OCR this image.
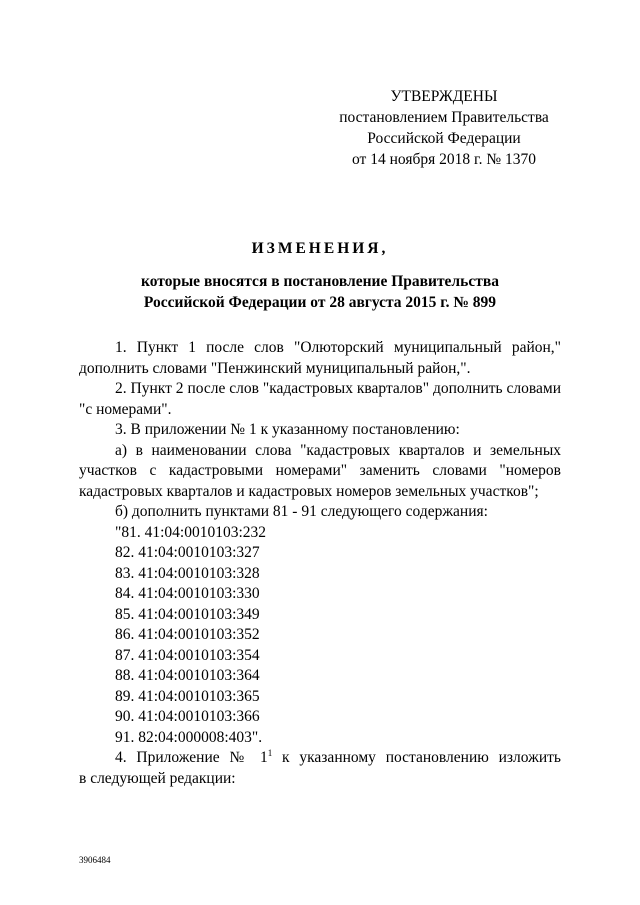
УТВЕРЖДЕНЫ
постановлением Правительства
Российской Федерации
от 14 ноября 2018 г. № 1370
ИЗМЕНЕНИЯ,
которые вносятся в постановление Правительства
Российской Федерации от 28 августа 2015 г. № 899

1. Пункт 1 после слов "Олюторский муниципальный район," дополнить словами "Пенжинский муниципальный район,".

2. Пункт 2 после слов "кадастровых кварталов" дополнить словами "с номерами".

3. В приложении № 1 к указанному постановлению:

а) в наименовании слова "кадастровых кварталов и земельных участков с кадастровыми номерами" заменить словами "номеров кадастровых кварталов и кадастровых номеров земельных участков";

б) дополнить пунктами 81 - 91 следующего содержания:

"81. 41:04:0010103:232

82. 41:04:0010103:327

83. 41:04:0010103:328

84. 41:04:0010103:330

85. 41:04:0010103:349

86. 41:04:0010103:352

87. 41:04:0010103:354

88. 41:04:0010103:364

89. 41:04:0010103:365

90. 41:04:0010103:366

91. 82:04:000008:403".

4. Приложение № $1^1$ к указанному постановлению изложить

в следующей редакции:

3906484
